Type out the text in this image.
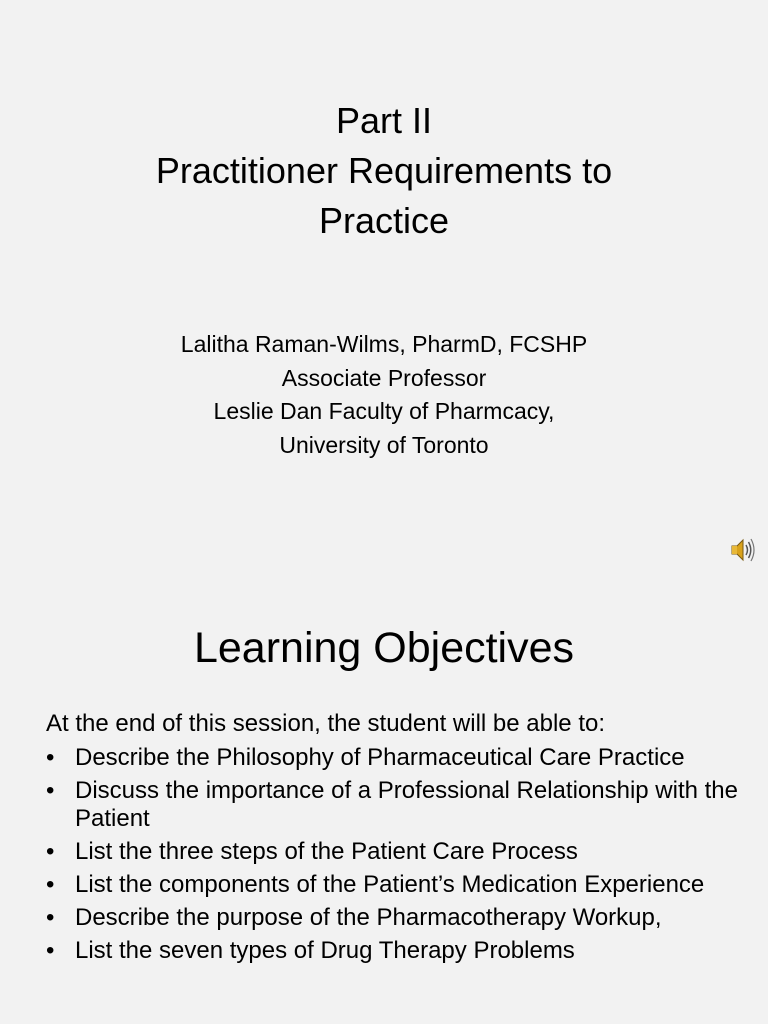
Part II
Practitioner Requirements to
Practice
Lalitha Raman-Wilms, PharmD, FCSHP
Associate Professor
Leslie Dan Faculty of Pharmcacy,
University of Toronto
Learning Objectives
At the end of this session, the student will be able to:
• Describe the Philosophy of Pharmaceutical Care Practice
• Discuss the importance of a Professional Relationship with the Patient
• List the three steps of the Patient Care Process
• List the components of the Patient’s Medication Experience
• Describe the purpose of the Pharmacotherapy Workup,
• List the seven types of Drug Therapy Problems
